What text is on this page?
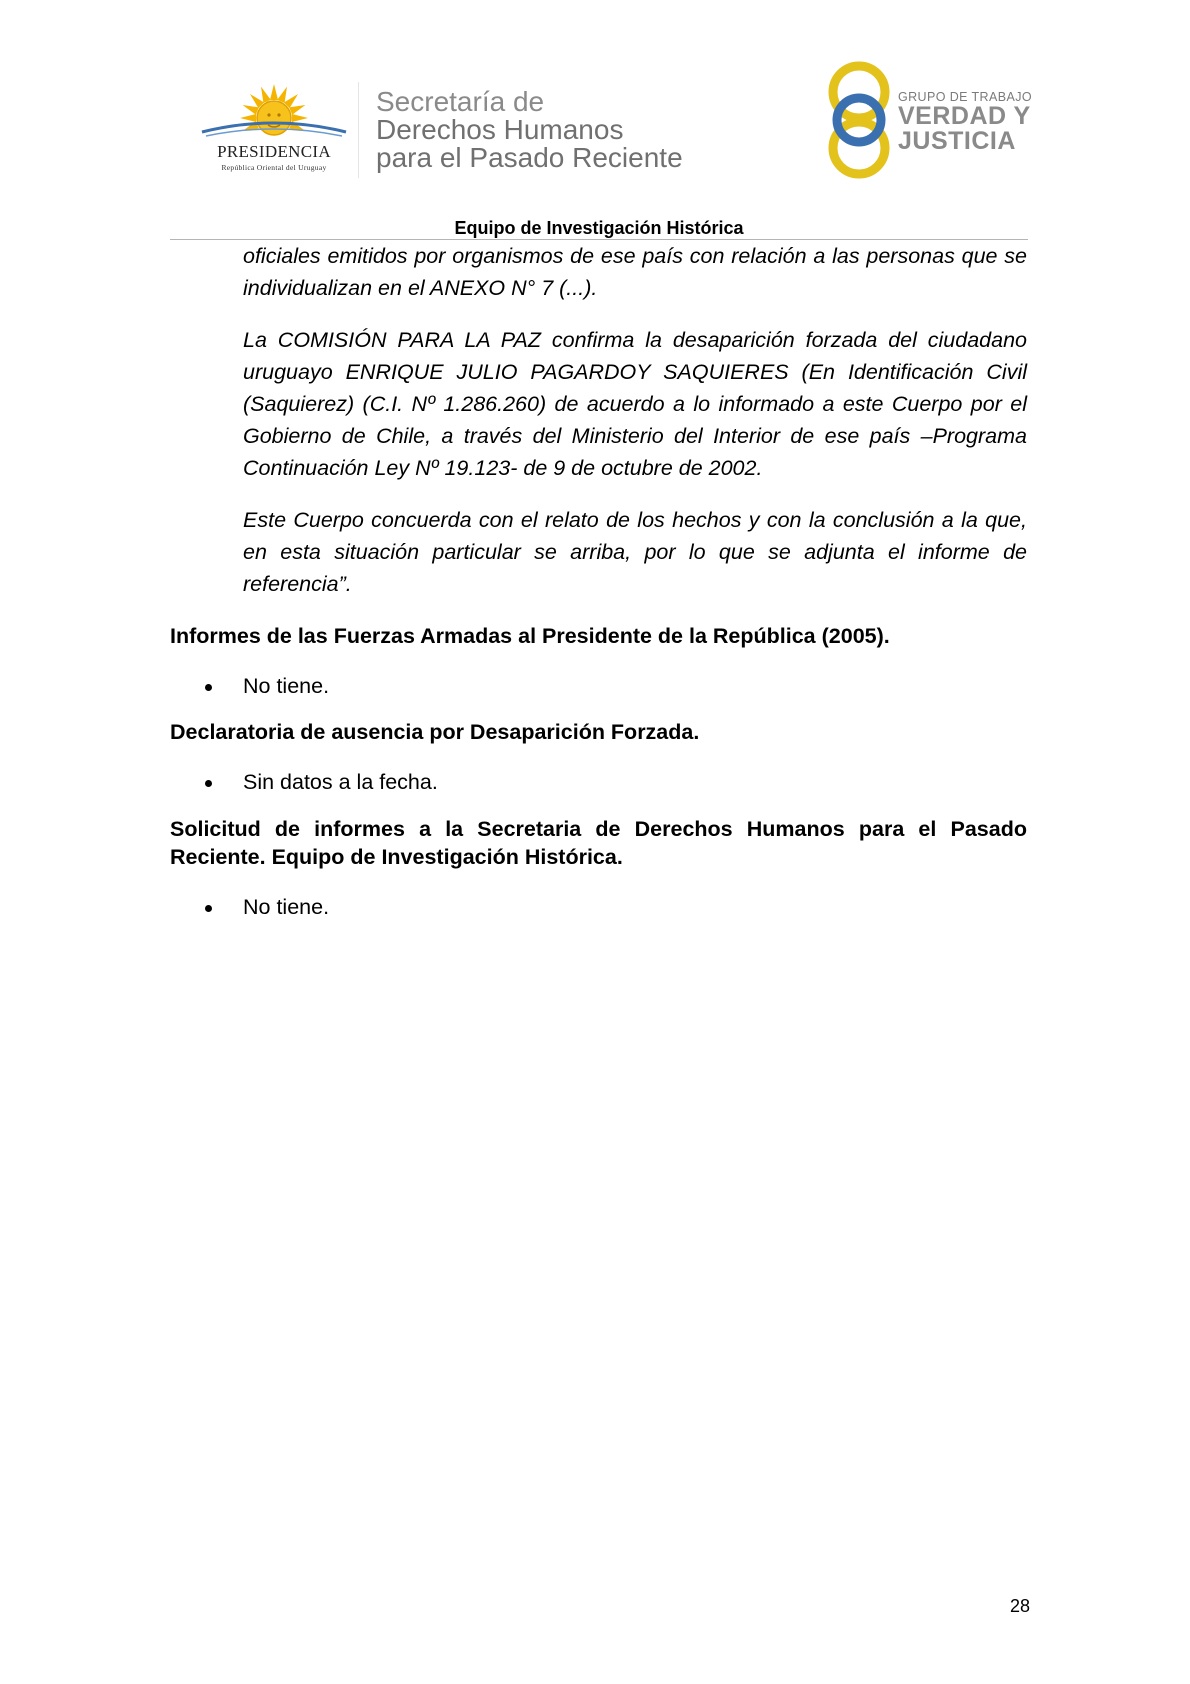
PRESIDENCIA
República Oriental del Uruguay
Secretaría de
Derechos Humanos
para el Pasado Reciente
GRUPO DE TRABAJO
VERDAD Y
JUSTICIA
Equipo de Investigación Histórica

oficiales emitidos por organismos de ese país con relación a las personas que se individualizan en el ANEXO N° 7 (...).

La COMISIÓN PARA LA PAZ confirma la desaparición forzada del ciudadano uruguayo ENRIQUE JULIO PAGARDOY SAQUIERES (En Identificación Civil (Saquierez) (C.I. Nº 1.286.260) de acuerdo a lo informado a este Cuerpo por el Gobierno de Chile, a través del Ministerio del Interior de ese país –Programa Continuación Ley Nº 19.123- de 9 de octubre de 2002.

Este Cuerpo concuerda con el relato de los hechos y con la conclusión a la que, en esta situación particular se arriba, por lo que se adjunta el informe de referencia”.

Informes de las Fuerzas Armadas al Presidente de la República (2005).

No tiene.

Declaratoria de ausencia por Desaparición Forzada.

Sin datos a la fecha.

Solicitud de informes a la Secretaria de Derechos Humanos para el Pasado Reciente. Equipo de Investigación Histórica.

No tiene.
28
